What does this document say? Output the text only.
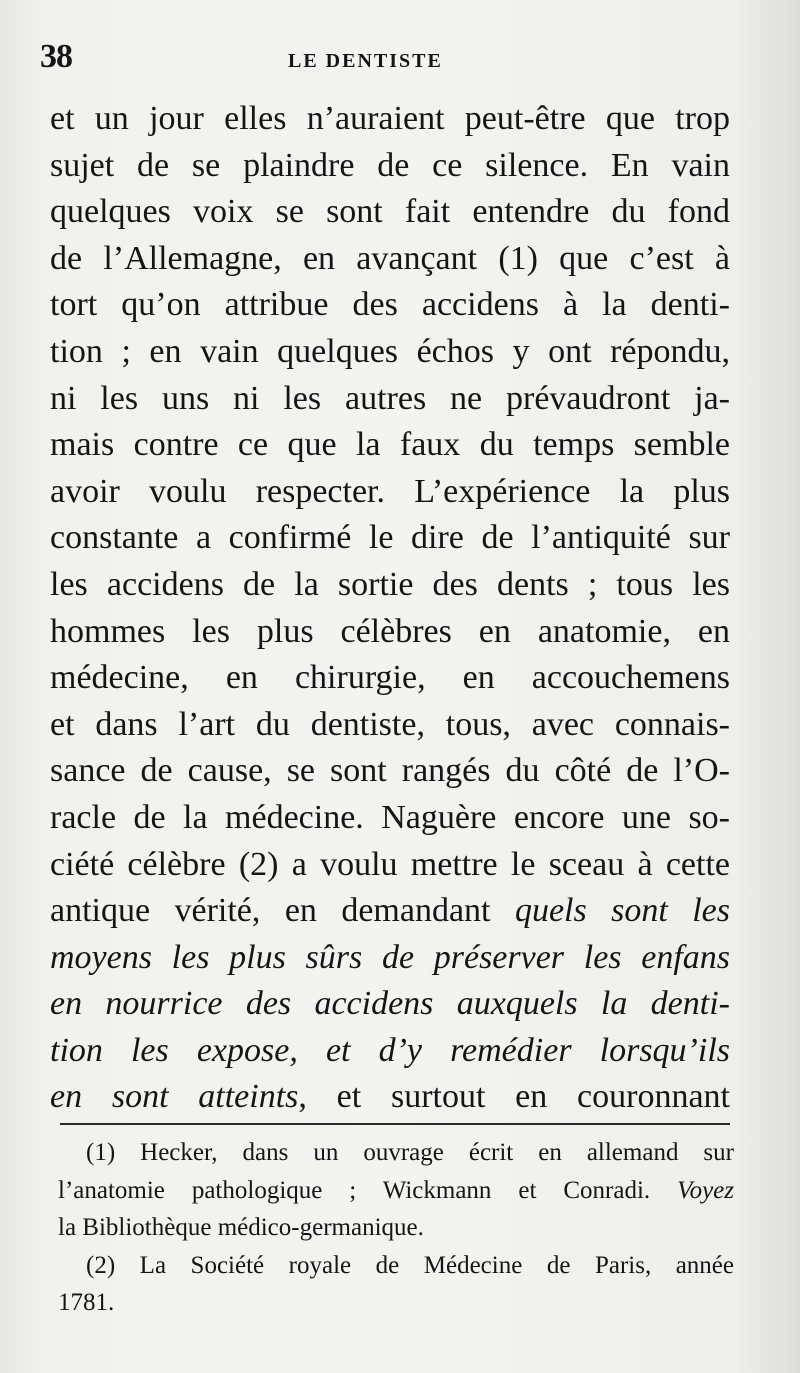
38	LE DENTISTE
et un jour elles n’auraient peut-être que trop
sujet de se plaindre de ce silence. En vain
quelques voix se sont fait entendre du fond
de l’Allemagne, en avançant (1) que c’est à
tort qu’on attribue des accidens à la denti-
tion ; en vain quelques échos y ont répondu,
ni les uns ni les autres ne prévaudront ja-
mais contre ce que la faux du temps semble
avoir voulu respecter. L’expérience la plus
constante a confirmé le dire de l’antiquité sur
les accidens de la sortie des dents ; tous les
hommes les plus célèbres en anatomie, en
médecine, en chirurgie, en accouchemens
et dans l’art du dentiste, tous, avec connais-
sance de cause, se sont rangés du côté de l’O-
racle de la médecine. Naguère encore une so-
ciété célèbre (2) a voulu mettre le sceau à cette
antique vérité, en demandant quels sont les
moyens les plus sûrs de préserver les enfans
en nourrice des accidens auxquels la denti-
tion les expose, et d’y remédier lorsqu’ils
en sont atteints, et surtout en couronnant
(1) Hecker, dans un ouvrage écrit en allemand sur
l’anatomie pathologique ; Wickmann et Conradi. Voyez
la Bibliothèque médico-germanique.
(2) La Société royale de Médecine de Paris, année
1781.
